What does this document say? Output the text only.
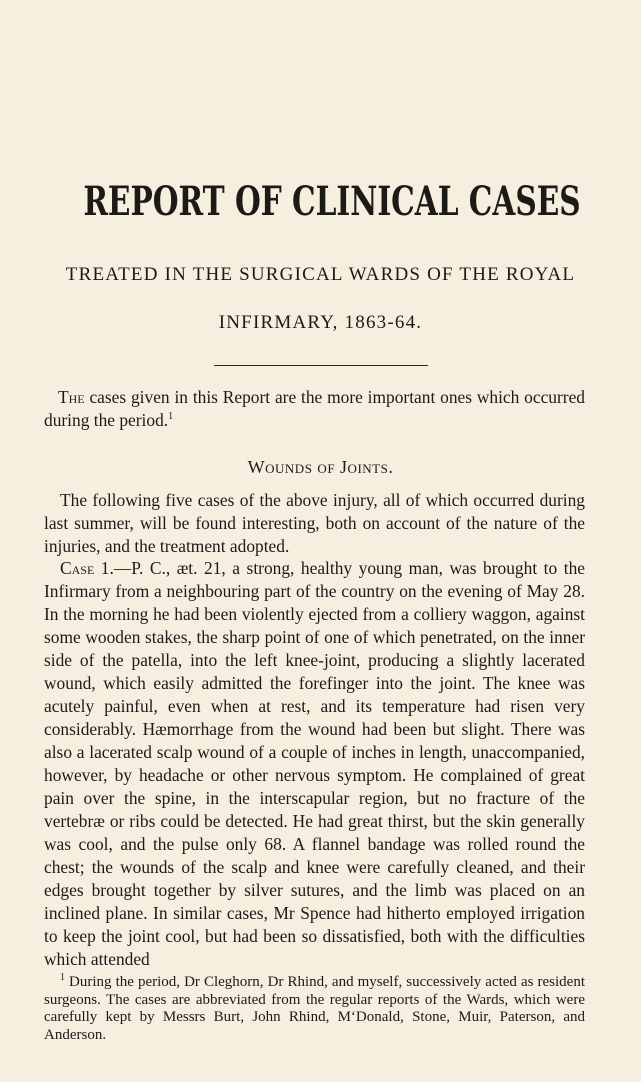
REPORT OF CLINICAL CASES
TREATED IN THE SURGICAL WARDS OF THE ROYAL
INFIRMARY, 1863-64.
The cases given in this Report are the more important ones which occurred during the period.$^1$
Wounds of Joints.
The following five cases of the above injury, all of which occurred during last summer, will be found interesting, both on account of the nature of the injuries, and the treatment adopted.
Case 1.—P. C., æt. 21, a strong, healthy young man, was brought to the Infirmary from a neighbouring part of the country on the evening of May 28. In the morning he had been violently ejected from a colliery waggon, against some wooden stakes, the sharp point of one of which penetrated, on the inner side of the patella, into the left knee-joint, producing a slightly lacerated wound, which easily admitted the forefinger into the joint. The knee was acutely painful, even when at rest, and its temperature had risen very considerably. Hæmorrhage from the wound had been but slight. There was also a lacerated scalp wound of a couple of inches in length, unaccompanied, however, by headache or other nervous symptom. He complained of great pain over the spine, in the interscapular region, but no fracture of the vertebræ or ribs could be detected. He had great thirst, but the skin generally was cool, and the pulse only 68. A flannel bandage was rolled round the chest; the wounds of the scalp and knee were carefully cleaned, and their edges brought together by silver sutures, and the limb was placed on an inclined plane. In similar cases, Mr Spence had hitherto employed irrigation to keep the joint cool, but had been so dissatisfied, both with the difficulties which attended
$^1$ During the period, Dr Cleghorn, Dr Rhind, and myself, successively acted as resident surgeons. The cases are abbreviated from the regular reports of the Wards, which were carefully kept by Messrs Burt, John Rhind, M‘Donald, Stone, Muir, Paterson, and Anderson.
